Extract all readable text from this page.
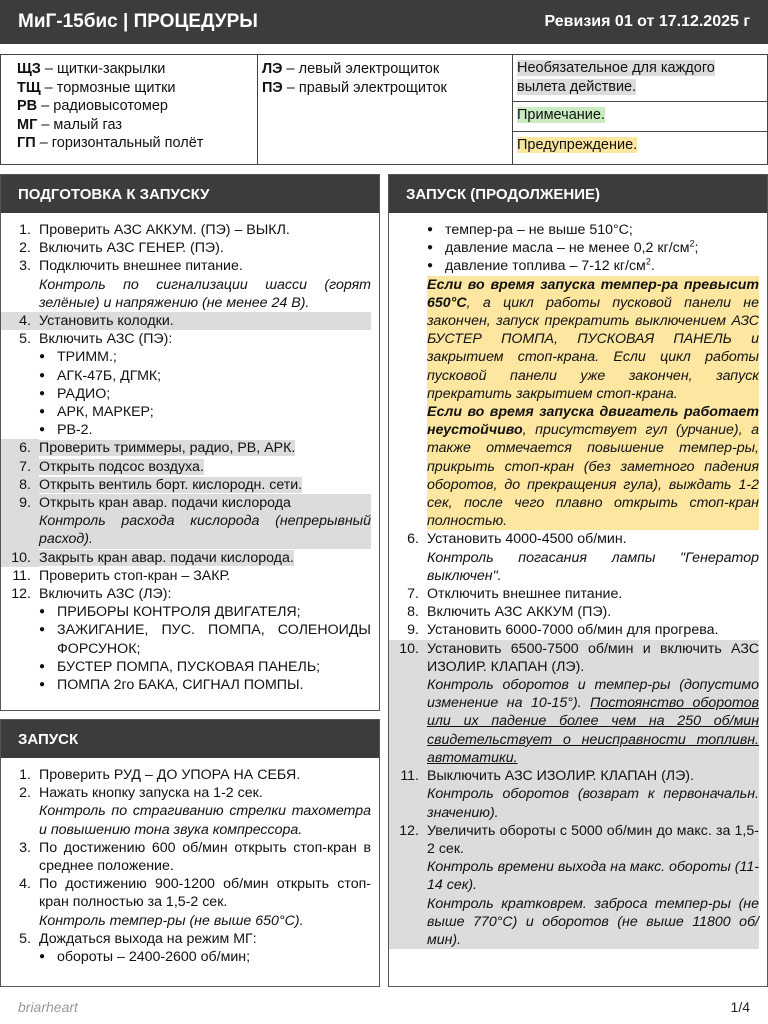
МиГ-15бис | ПРОЦЕДУРЫ	Ревизия 01 от 17.12.2025 г
ЩЗ – щитки-закрылки
ТЩ – тормозные щитки
РВ – радиовысотомер
МГ – малый газ
ГП – горизонтальный полёт
ЛЭ – левый электрощиток
ПЭ – правый электрощиток
Необязательное для каждого вылета действие.
Примечание.
Предупреждение.
ПОДГОТОВКА К ЗАПУСКУ
1. Проверить АЗС АККУМ. (ПЭ) – ВЫКЛ.
2. Включить АЗС ГЕНЕР. (ПЭ).
3. Подключить внешнее питание.
Контроль по сигнализации шасси (горят зелёные) и напряжению (не менее 24 В).
4. Установить колодки.
5. Включить АЗС (ПЭ):
● ТРИММ.;
● АГК-47Б, ДГМК;
● РАДИО;
● АРК, МАРКЕР;
● РВ-2.
6. Проверить триммеры, радио, РВ, АРК.
7. Открыть подсос воздуха.
8. Открыть вентиль борт. кислородн. сети.
9. Открыть кран авар. подачи кислорода
Контроль расхода кислорода (непрерывный расход).
10. Закрыть кран авар. подачи кислорода.
11. Проверить стоп-кран – ЗАКР.
12. Включить АЗС (ЛЭ):
● ПРИБОРЫ КОНТРОЛЯ ДВИГАТЕЛЯ;
● ЗАЖИГАНИЕ, ПУС. ПОМПА, СОЛЕНОИДЫ ФОРСУНОК;
● БУСТЕР ПОМПА, ПУСКОВАЯ ПАНЕЛЬ;
● ПОМПА 2го БАКА, СИГНАЛ ПОМПЫ.
ЗАПУСК
1. Проверить РУД – ДО УПОРА НА СЕБЯ.
2. Нажать кнопку запуска на 1-2 сек.
Контроль по страгиванию стрелки тахометра и повышению тона звука компрессора.
3. По достижению 600 об/мин открыть стоп-кран в среднее положение.
4. По достижению 900-1200 об/мин открыть стоп-кран полностью за 1,5-2 сек.
Контроль темпер-ры (не выше 650°C).
5. Дождаться выхода на режим МГ:
● обороты – 2400-2600 об/мин;
ЗАПУСК (ПРОДОЛЖЕНИЕ)
● темпер-ра – не выше 510°C;
● давление масла – не менее 0,2 $кг/см^2$;
● давление топлива – 7-12 $кг/см^2$.
Если во время запуска темпер-ра превысит 650°C, а цикл работы пусковой панели не закончен, запуск прекратить выключением АЗС БУСТЕР ПОМПА, ПУСКОВАЯ ПАНЕЛЬ и закрытием стоп-крана. Если цикл работы пусковой панели уже закончен, запуск прекратить закрытием стоп-крана.
Если во время запуска двигатель работает неустойчиво, присутствует гул (урчание), а также отмечается повышение темпер-ры, прикрыть стоп-кран (без заметного падения оборотов, до прекращения гула), выждать 1-2 сек, после чего плавно открыть стоп-кран полностью.
6. Установить 4000-4500 об/мин.
Контроль погасания лампы "Генератор выключен".
7. Отключить внешнее питание.
8. Включить АЗС АККУМ (ПЭ).
9. Установить 6000-7000 об/мин для прогрева.
10. Установить 6500-7500 об/мин и включить АЗС ИЗОЛИР. КЛАПАН (ЛЭ).
Контроль оборотов и темпер-ры (допустимо изменение на 10-15°). Постоянство оборотов или их падение более чем на 250 об/мин свидетельствует о неисправности топливн. автоматики.
11. Выключить АЗС ИЗОЛИР. КЛАПАН (ЛЭ).
Контроль оборотов (возврат к первоначальн. значению).
12. Увеличить обороты с 5000 об/мин до макс. за 1,5-2 сек.
Контроль времени выхода на макс. обороты (11-14 сек).
Контроль кратковрем. заброса темпер-ры (не выше 770°C) и оборотов (не выше 11800 об/мин).
briarheart	1/4
